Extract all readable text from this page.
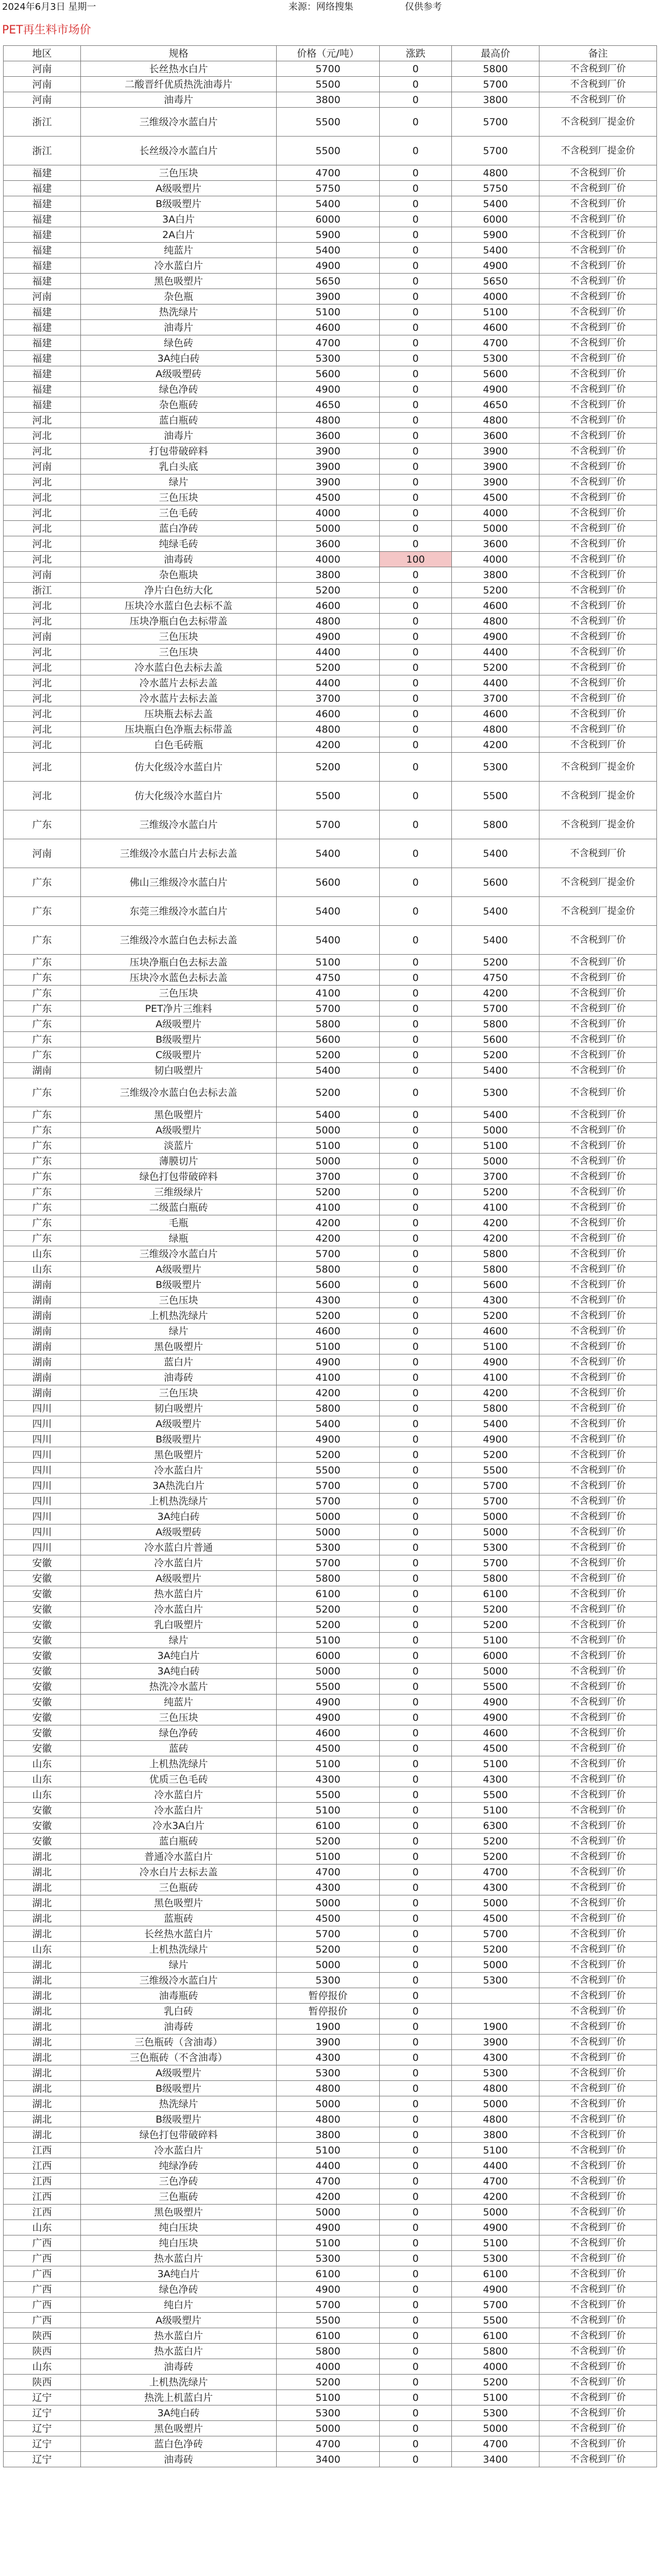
2024年6月3日 星期一	来源：网络搜集	仅供参考
PET再生料市场价
地区	规格	价格（元/吨）	涨跌	最高价	备注
河南	长丝热水白片	5700	0	5800	不含税到厂价
河南	二酸晋纤优质热洗油毒片	5500	0	5700	不含税到厂价
河南	油毒片	3800	0	3800	不含税到厂价
浙江	三维级冷水蓝白片	5500	0	5700	不含税到厂提金价
浙江	长丝级冷水蓝白片	5500	0	5700	不含税到厂提金价
福建	三色压块	4700	0	4800	不含税到厂价
福建	A级吸塑片	5750	0	5750	不含税到厂价
福建	B级吸塑片	5400	0	5400	不含税到厂价
福建	3A白片	6000	0	6000	不含税到厂价
福建	2A白片	5900	0	5900	不含税到厂价
福建	纯蓝片	5400	0	5400	不含税到厂价
福建	冷水蓝白片	4900	0	4900	不含税到厂价
福建	黑色吸塑片	5650	0	5650	不含税到厂价
河南	杂色瓶	3900	0	4000	不含税到厂价
福建	热洗绿片	5100	0	5100	不含税到厂价
福建	油毒片	4600	0	4600	不含税到厂价
福建	绿色砖	4700	0	4700	不含税到厂价
福建	3A纯白砖	5300	0	5300	不含税到厂价
福建	A级吸塑砖	5600	0	5600	不含税到厂价
福建	绿色净砖	4900	0	4900	不含税到厂价
福建	杂色瓶砖	4650	0	4650	不含税到厂价
河北	蓝白瓶砖	4800	0	4800	不含税到厂价
河北	油毒片	3600	0	3600	不含税到厂价
河北	打包带破碎料	3900	0	3900	不含税到厂价
河南	乳白头底	3900	0	3900	不含税到厂价
河北	绿片	3900	0	3900	不含税到厂价
河北	三色压块	4500	0	4500	不含税到厂价
河北	三色毛砖	4000	0	4000	不含税到厂价
河北	蓝白净砖	5000	0	5000	不含税到厂价
河北	纯绿毛砖	3600	0	3600	不含税到厂价
河北	油毒砖	4000	100	4000	不含税到厂价
河南	杂色瓶块	3800	0	3800	不含税到厂价
浙江	净片白色纺大化	5200	0	5200	不含税到厂价
河北	压块冷水蓝白色去标不盖	4600	0	4600	不含税到厂价
河北	压块净瓶白色去标带盖	4800	0	4800	不含税到厂价
河南	三色压块	4900	0	4900	不含税到厂价
河北	三色压块	4400	0	4400	不含税到厂价
河北	冷水蓝白色去标去盖	5200	0	5200	不含税到厂价
河北	冷水蓝片去标去盖	4400	0	4400	不含税到厂价
河北	冷水蓝片去标去盖	3700	0	3700	不含税到厂价
河北	压块瓶去标去盖	4600	0	4600	不含税到厂价
河北	压块瓶白色净瓶去标带盖	4800	0	4800	不含税到厂价
河北	白色毛砖瓶	4200	0	4200	不含税到厂价
河北	仿大化级冷水蓝白片	5200	0	5300	不含税到厂提金价
河北	仿大化级冷水蓝白片	5500	0	5500	不含税到厂提金价
广东	三维级冷水蓝白片	5700	0	5800	不含税到厂提金价
河南	三维级冷水蓝白片去标去盖	5400	0	5400	不含税到厂价
广东	佛山三维级冷水蓝白片	5600	0	5600	不含税到厂提金价
广东	东莞三维级冷水蓝白片	5400	0	5400	不含税到厂提金价
广东	三维级冷水蓝白色去标去盖	5400	0	5400	不含税到厂价
广东	压块净瓶白色去标去盖	5100	0	5200	不含税到厂价
广东	压块冷水蓝色去标去盖	4750	0	4750	不含税到厂价
广东	三色压块	4100	0	4200	不含税到厂价
广东	PET净片三维料	5700	0	5700	不含税到厂价
广东	A级吸塑片	5800	0	5800	不含税到厂价
广东	B级吸塑片	5600	0	5600	不含税到厂价
广东	C级吸塑片	5200	0	5200	不含税到厂价
湖南	韧白吸塑片	5400	0	5400	不含税到厂价
广东	三维级冷水蓝白色去标去盖	5200	0	5300	不含税到厂价
广东	黑色吸塑片	5400	0	5400	不含税到厂价
广东	A级吸塑片	5000	0	5000	不含税到厂价
广东	淡蓝片	5100	0	5100	不含税到厂价
广东	薄膜切片	5000	0	5000	不含税到厂价
广东	绿色打包带破碎料	3700	0	3700	不含税到厂价
广东	三维级绿片	5200	0	5200	不含税到厂价
广东	二级蓝白瓶砖	4100	0	4100	不含税到厂价
广东	毛瓶	4200	0	4200	不含税到厂价
广东	绿瓶	4200	0	4200	不含税到厂价
山东	三维级冷水蓝白片	5700	0	5800	不含税到厂价
山东	A级吸塑片	5800	0	5800	不含税到厂价
湖南	B级吸塑片	5600	0	5600	不含税到厂价
湖南	三色压块	4300	0	4300	不含税到厂价
湖南	上机热洗绿片	5200	0	5200	不含税到厂价
湖南	绿片	4600	0	4600	不含税到厂价
湖南	黑色吸塑片	5100	0	5100	不含税到厂价
湖南	蓝白片	4900	0	4900	不含税到厂价
湖南	油毒砖	4100	0	4100	不含税到厂价
湖南	三色压块	4200	0	4200	不含税到厂价
四川	韧白吸塑片	5800	0	5800	不含税到厂价
四川	A级吸塑片	5400	0	5400	不含税到厂价
四川	B级吸塑片	4900	0	4900	不含税到厂价
四川	黑色吸塑片	5200	0	5200	不含税到厂价
四川	冷水蓝白片	5500	0	5500	不含税到厂价
四川	3A热洗白片	5700	0	5700	不含税到厂价
四川	上机热洗绿片	5700	0	5700	不含税到厂价
四川	3A纯白砖	5000	0	5000	不含税到厂价
四川	A级吸塑砖	5000	0	5000	不含税到厂价
四川	冷水蓝白片普通	5300	0	5300	不含税到厂价
安徽	冷水蓝白片	5700	0	5700	不含税到厂价
安徽	A级吸塑片	5800	0	5800	不含税到厂价
安徽	热水蓝白片	6100	0	6100	不含税到厂价
安徽	冷水蓝白片	5200	0	5200	不含税到厂价
安徽	乳白吸塑片	5200	0	5200	不含税到厂价
安徽	绿片	5100	0	5100	不含税到厂价
安徽	3A纯白片	6000	0	6000	不含税到厂价
安徽	3A纯白砖	5000	0	5000	不含税到厂价
安徽	热洗冷水蓝片	5500	0	5500	不含税到厂价
安徽	纯蓝片	4900	0	4900	不含税到厂价
安徽	三色压块	4900	0	4900	不含税到厂价
安徽	绿色净砖	4600	0	4600	不含税到厂价
安徽	蓝砖	4500	0	4500	不含税到厂价
山东	上机热洗绿片	5100	0	5100	不含税到厂价
山东	优质三色毛砖	4300	0	4300	不含税到厂价
山东	冷水蓝白片	5500	0	5500	不含税到厂价
安徽	冷水蓝白片	5100	0	5100	不含税到厂价
安徽	冷水3A白片	6100	0	6300	不含税到厂价
安徽	蓝白瓶砖	5200	0	5200	不含税到厂价
湖北	普通冷水蓝白片	5100	0	5200	不含税到厂价
湖北	冷水白片去标去盖	4700	0	4700	不含税到厂价
湖北	三色瓶砖	4300	0	4300	不含税到厂价
湖北	黑色吸塑片	5000	0	5000	不含税到厂价
湖北	蓝瓶砖	4500	0	4500	不含税到厂价
湖北	长丝热水蓝白片	5700	0	5700	不含税到厂价
山东	上机热洗绿片	5200	0	5200	不含税到厂价
湖北	绿片	5000	0	5000	不含税到厂价
湖北	三维级冷水蓝白片	5300	0	5300	不含税到厂价
湖北	油毒瓶砖	暂停报价	0		不含税到厂价
湖北	乳白砖	暂停报价	0		不含税到厂价
湖北	油毒砖	1900	0	1900	不含税到厂价
湖北	三色瓶砖（含油毒）	3900	0	3900	不含税到厂价
湖北	三色瓶砖（不含油毒）	4300	0	4300	不含税到厂价
湖北	A级吸塑片	5300	0	5300	不含税到厂价
湖北	B级吸塑片	4800	0	4800	不含税到厂价
湖北	热洗绿片	5000	0	5000	不含税到厂价
湖北	B级吸塑片	4800	0	4800	不含税到厂价
湖北	绿色打包带破碎料	3800	0	3800	不含税到厂价
江西	冷水蓝白片	5100	0	5100	不含税到厂价
江西	纯绿净砖	4400	0	4400	不含税到厂价
江西	三色净砖	4700	0	4700	不含税到厂价
江西	三色瓶砖	4200	0	4200	不含税到厂价
江西	黑色吸塑片	5000	0	5000	不含税到厂价
山东	纯白压块	4900	0	4900	不含税到厂价
广西	纯白压块	5100	0	5100	不含税到厂价
广西	热水蓝白片	5300	0	5300	不含税到厂价
广西	3A纯白片	6100	0	6100	不含税到厂价
广西	绿色净砖	4900	0	4900	不含税到厂价
广西	纯白片	5700	0	5700	不含税到厂价
广西	A级吸塑片	5500	0	5500	不含税到厂价
陕西	热水蓝白片	6100	0	6100	不含税到厂价
陕西	热水蓝白片	5800	0	5800	不含税到厂价
山东	油毒砖	4000	0	4000	不含税到厂价
陕西	上机热洗绿片	5200	0	5200	不含税到厂价
辽宁	热洗上机蓝白片	5100	0	5100	不含税到厂价
辽宁	3A纯白砖	5300	0	5300	不含税到厂价
辽宁	黑色吸塑片	5000	0	5000	不含税到厂价
辽宁	蓝白色净砖	4700	0	4700	不含税到厂价
辽宁	油毒砖	3400	0	3400	不含税到厂价
